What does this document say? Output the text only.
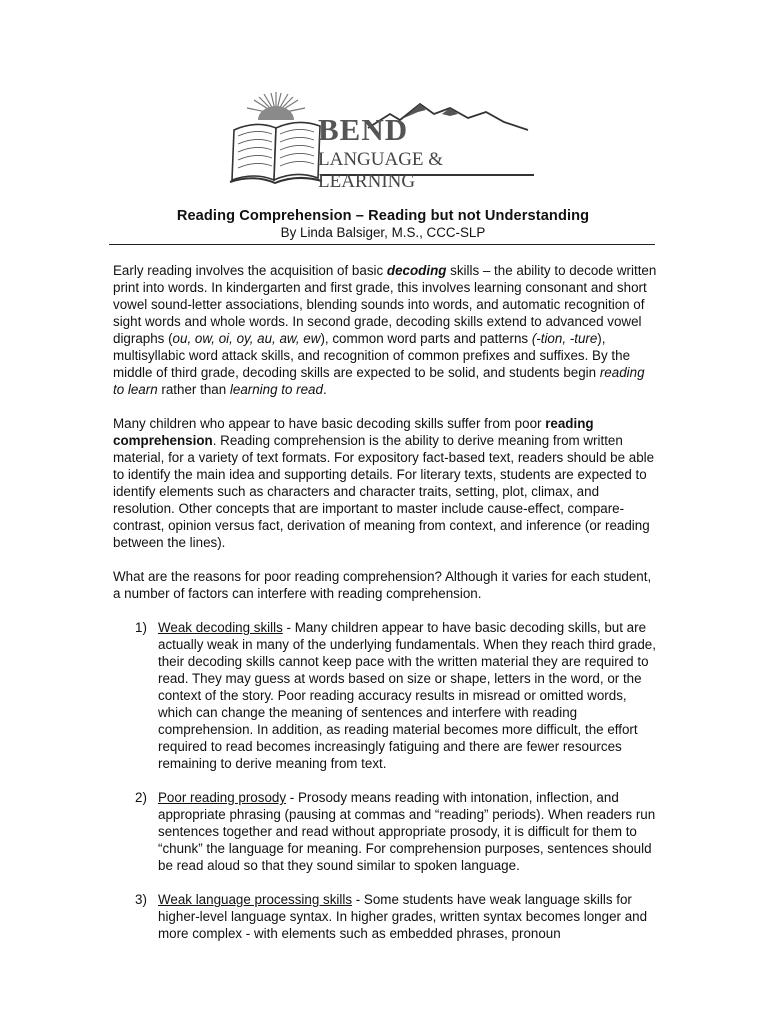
BEND
LANGUAGE & LEARNING
Reading Comprehension – Reading but not Understanding
By Linda Balsiger, M.S., CCC-SLP

Early reading involves the acquisition of basic decoding skills – the ability to decode written print into words. In kindergarten and first grade, this involves learning consonant and short vowel sound-letter associations, blending sounds into words, and automatic recognition of sight words and whole words. In second grade, decoding skills extend to advanced vowel digraphs (ou, ow, oi, oy, au, aw, ew), common word parts and patterns (-tion, -ture), multisyllabic word attack skills, and recognition of common prefixes and suffixes. By the middle of third grade, decoding skills are expected to be solid, and students begin reading to learn rather than learning to read.

Many children who appear to have basic decoding skills suffer from poor reading comprehension. Reading comprehension is the ability to derive meaning from written material, for a variety of text formats. For expository fact-based text, readers should be able to identify the main idea and supporting details. For literary texts, students are expected to identify elements such as characters and character traits, setting, plot, climax, and resolution. Other concepts that are important to master include cause-effect, compare-contrast, opinion versus fact, derivation of meaning from context, and inference (or reading between the lines).

What are the reasons for poor reading comprehension? Although it varies for each student, a number of factors can interfere with reading comprehension.

1) Weak decoding skills - Many children appear to have basic decoding skills, but are actually weak in many of the underlying fundamentals. When they reach third grade, their decoding skills cannot keep pace with the written material they are required to read. They may guess at words based on size or shape, letters in the word, or the context of the story. Poor reading accuracy results in misread or omitted words, which can change the meaning of sentences and interfere with reading comprehension. In addition, as reading material becomes more difficult, the effort required to read becomes increasingly fatiguing and there are fewer resources remaining to derive meaning from text.
2) Poor reading prosody - Prosody means reading with intonation, inflection, and appropriate phrasing (pausing at commas and “reading” periods). When readers run sentences together and read without appropriate prosody, it is difficult for them to “chunk” the language for meaning. For comprehension purposes, sentences should be read aloud so that they sound similar to spoken language.
3) Weak language processing skills - Some students have weak language skills for higher-level language syntax. In higher grades, written syntax becomes longer and more complex - with elements such as embedded phrases, pronoun
